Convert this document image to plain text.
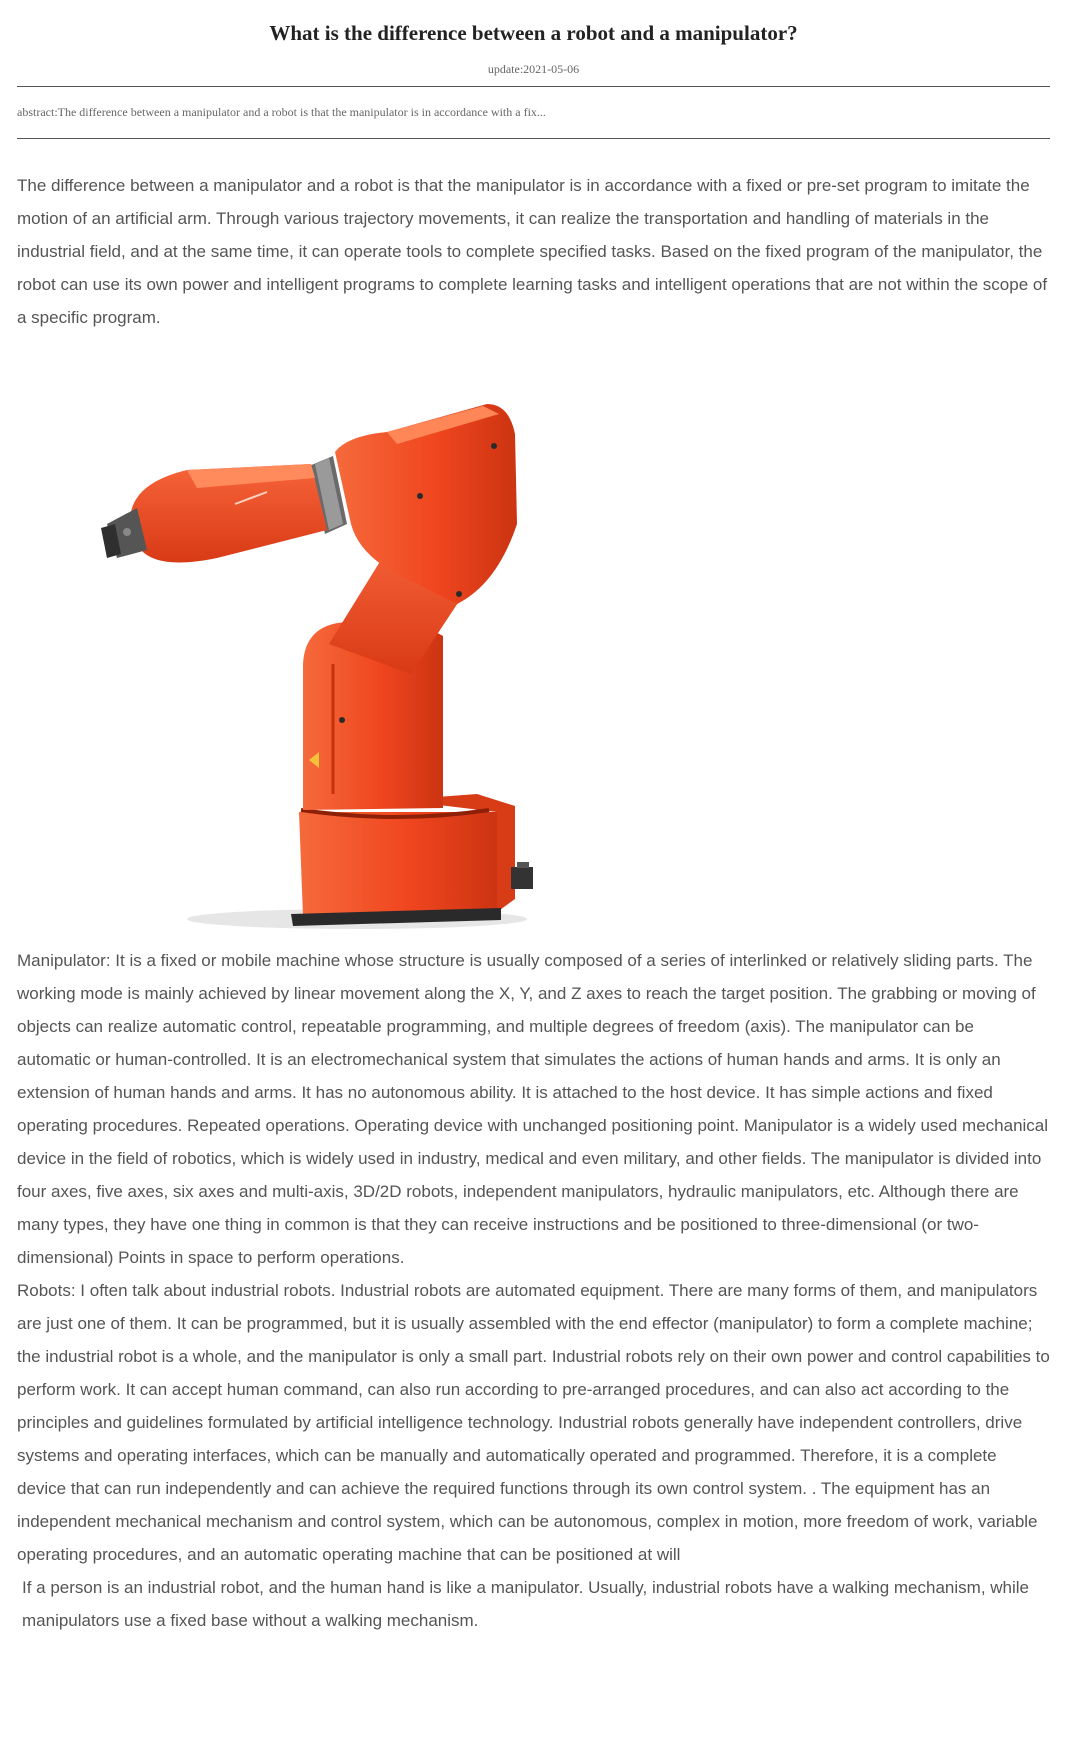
What is the difference between a robot and a manipulator?
update:2021-05-06
abstract:The difference between a manipulator and a robot is that the manipulator is in accordance with a fix...

The difference between a manipulator and a robot is that the manipulator is in accordance with a fixed or pre-set program to imitate the motion of an artificial arm. Through various trajectory movements, it can realize the transportation and handling of materials in the industrial field, and at the same time, it can operate tools to complete specified tasks. Based on the fixed program of the manipulator, the robot can use its own power and intelligent programs to complete learning tasks and intelligent operations that are not within the scope of a specific program.

Manipulator: It is a fixed or mobile machine whose structure is usually composed of a series of interlinked or relatively sliding parts. The working mode is mainly achieved by linear movement along the X, Y, and Z axes to reach the target position. The grabbing or moving of objects can realize automatic control, repeatable programming, and multiple degrees of freedom (axis). The manipulator can be automatic or human-controlled. It is an electromechanical system that simulates the actions of human hands and arms. It is only an extension of human hands and arms. It has no autonomous ability. It is attached to the host device. It has simple actions and fixed operating procedures. Repeated operations. Operating device with unchanged positioning point. Manipulator is a widely used mechanical device in the field of robotics, which is widely used in industry, medical and even military, and other fields. The manipulator is divided into four axes, five axes, six axes and multi-axis, 3D/2D robots, independent manipulators, hydraulic manipulators, etc. Although there are many types, they have one thing in common is that they can receive instructions and be positioned to three-dimensional (or two-dimensional) Points in space to perform operations.

Robots: I often talk about industrial robots. Industrial robots are automated equipment. There are many forms of them, and manipulators are just one of them. It can be programmed, but it is usually assembled with the end effector (manipulator) to form a complete machine; the industrial robot is a whole, and the manipulator is only a small part. Industrial robots rely on their own power and control capabilities to perform work. It can accept human command, can also run according to pre-arranged procedures, and can also act according to the principles and guidelines formulated by artificial intelligence technology. Industrial robots generally have independent controllers, drive systems and operating interfaces, which can be manually and automatically operated and programmed. Therefore, it is a complete device that can run independently and can achieve the required functions through its own control system. . The equipment has an independent mechanical mechanism and control system, which can be autonomous, complex in motion, more freedom of work, variable operating procedures, and an automatic operating machine that can be positioned at will

If a person is an industrial robot, and the human hand is like a manipulator. Usually, industrial robots have a walking mechanism, while manipulators use a fixed base without a walking mechanism.
